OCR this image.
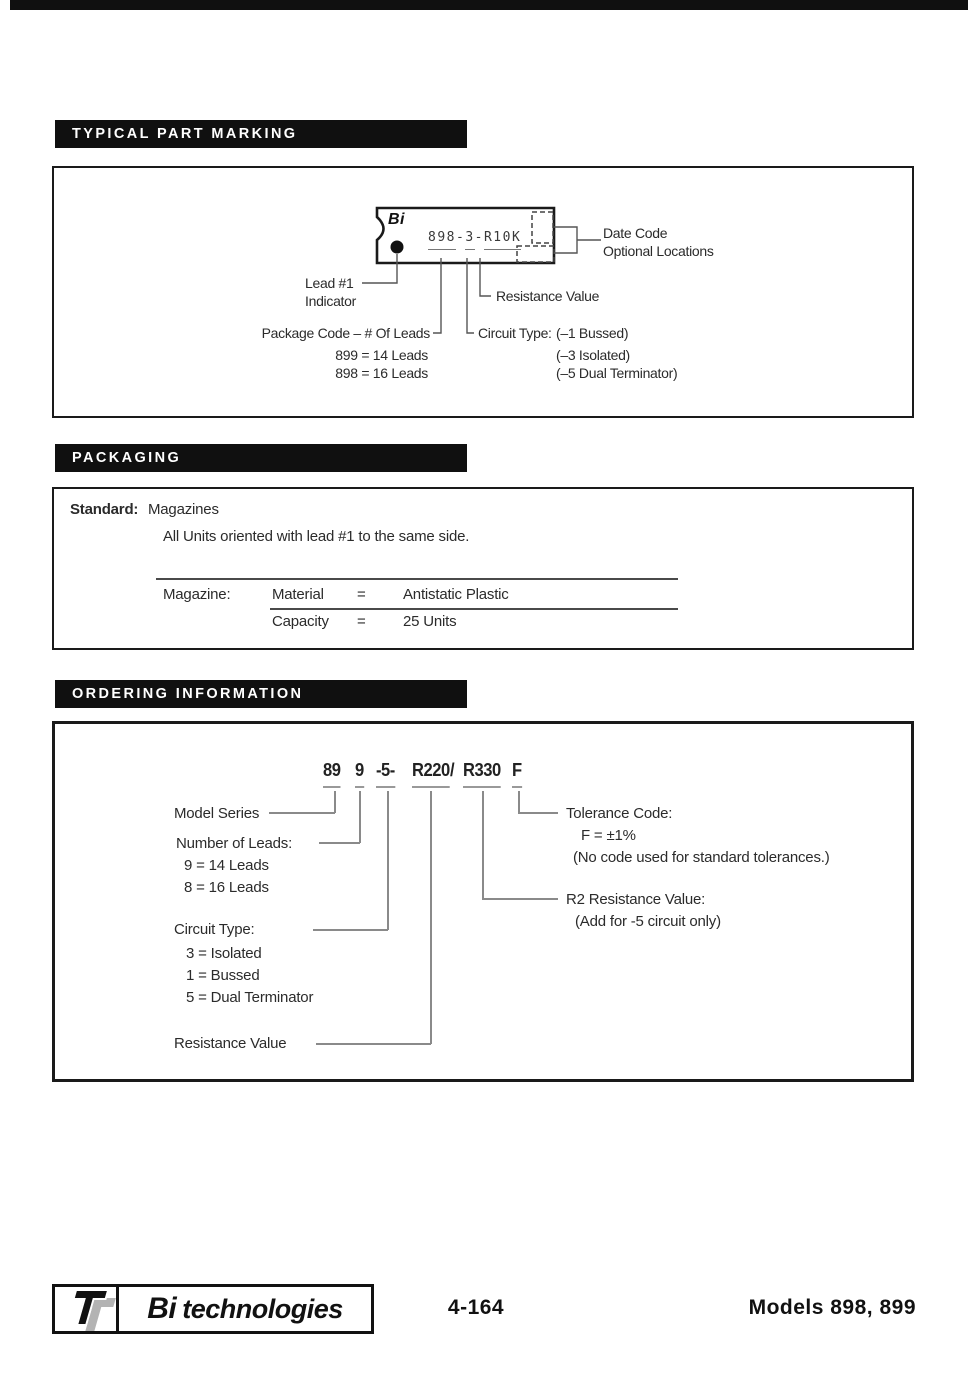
TYPICAL PART MARKING
Bi
898-3-R10K	Date Code
Optional Locations
Lead #1
Indicator	Resistance Value
Package Code – # Of Leads
899 = 14 Leads
898 = 16 Leads
Circuit Type: (–1 Bussed)
(–3 Isolated)
(–5 Dual Terminator)
PACKAGING
Standard: Magazines
All Units oriented with lead #1 to the same side.
Magazine:	Material = Antistatic Plastic
Capacity = 25 Units
ORDERING INFORMATION
89 9 -5- R220 / R330 F
Model Series
Number of Leads:
9 = 14 Leads
8 = 16 Leads
Circuit Type:
3 = Isolated
1 = Bussed
5 = Dual Terminator
Resistance Value
Tolerance Code:
F = ±1%
(No code used for standard tolerances.)
R2 Resistance Value:
(Add for -5 circuit only)
Bi technologies	4-164	Models 898, 899
